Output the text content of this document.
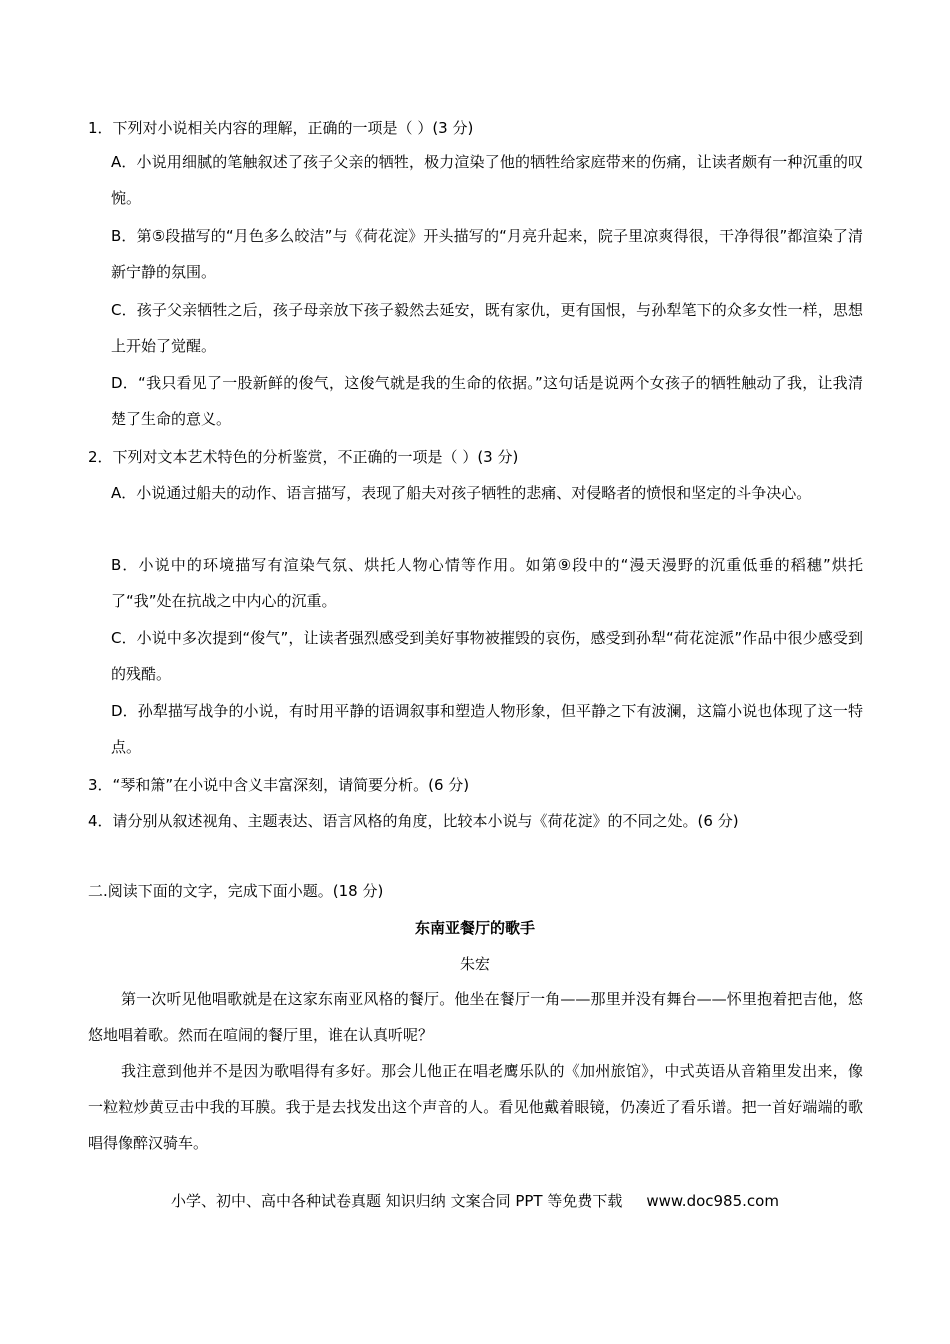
1．下列对小说相关内容的理解，正确的一项是（ ）(3 分)
A．小说用细腻的笔触叙述了孩子父亲的牺牲，极力渲染了他的牺牲给家庭带来的伤痛，让读者颇有一种沉重的叹惋。
B．第⑤段描写的“月色多么皎洁”与《荷花淀》开头描写的“月亮升起来，院子里凉爽得很，干净得很”都渲染了清新宁静的氛围。
C．孩子父亲牺牲之后，孩子母亲放下孩子毅然去延安，既有家仇，更有国恨，与孙犁笔下的众多女性一样，思想上开始了觉醒。
D．“我只看见了一股新鲜的俊气，这俊气就是我的生命的依据。”这句话是说两个女孩子的牺牲触动了我，让我清楚了生命的意义。
2．下列对文本艺术特色的分析鉴赏，不正确的一项是（ ）(3 分)
A．小说通过船夫的动作、语言描写，表现了船夫对孩子牺牲的悲痛、对侵略者的愤恨和坚定的斗争决心。
B．小说中的环境描写有渲染气氛、烘托人物心情等作用。如第⑨段中的“漫天漫野的沉重低垂的稻穗”烘托了“我”处在抗战之中内心的沉重。
C．小说中多次提到“俊气”，让读者强烈感受到美好事物被摧毁的哀伤，感受到孙犁“荷花淀派”作品中很少感受到的残酷。
D．孙犁描写战争的小说，有时用平静的语调叙事和塑造人物形象，但平静之下有波澜，这篇小说也体现了这一特点。
3．“琴和箫”在小说中含义丰富深刻，请简要分析。(6 分)
4．请分别从叙述视角、主题表达、语言风格的角度，比较本小说与《荷花淀》的不同之处。(6 分)
二.阅读下面的文字，完成下面小题。(18 分)
东南亚餐厅的歌手
朱宏
第一次听见他唱歌就是在这家东南亚风格的餐厅。他坐在餐厅一角——那里并没有舞台——怀里抱着把吉他，悠悠地唱着歌。然而在喧闹的餐厅里，谁在认真听呢？
我注意到他并不是因为歌唱得有多好。那会儿他正在唱老鹰乐队的《加州旅馆》，中式英语从音箱里发出来，像一粒粒炒黄豆击中我的耳膜。我于是去找发出这个声音的人。看见他戴着眼镜，仍凑近了看乐谱。把一首好端端的歌唱得像醉汉骑车。
小学、初中、高中各种试卷真题 知识归纳 文案合同 PPT 等免费下载 www.doc985.com
